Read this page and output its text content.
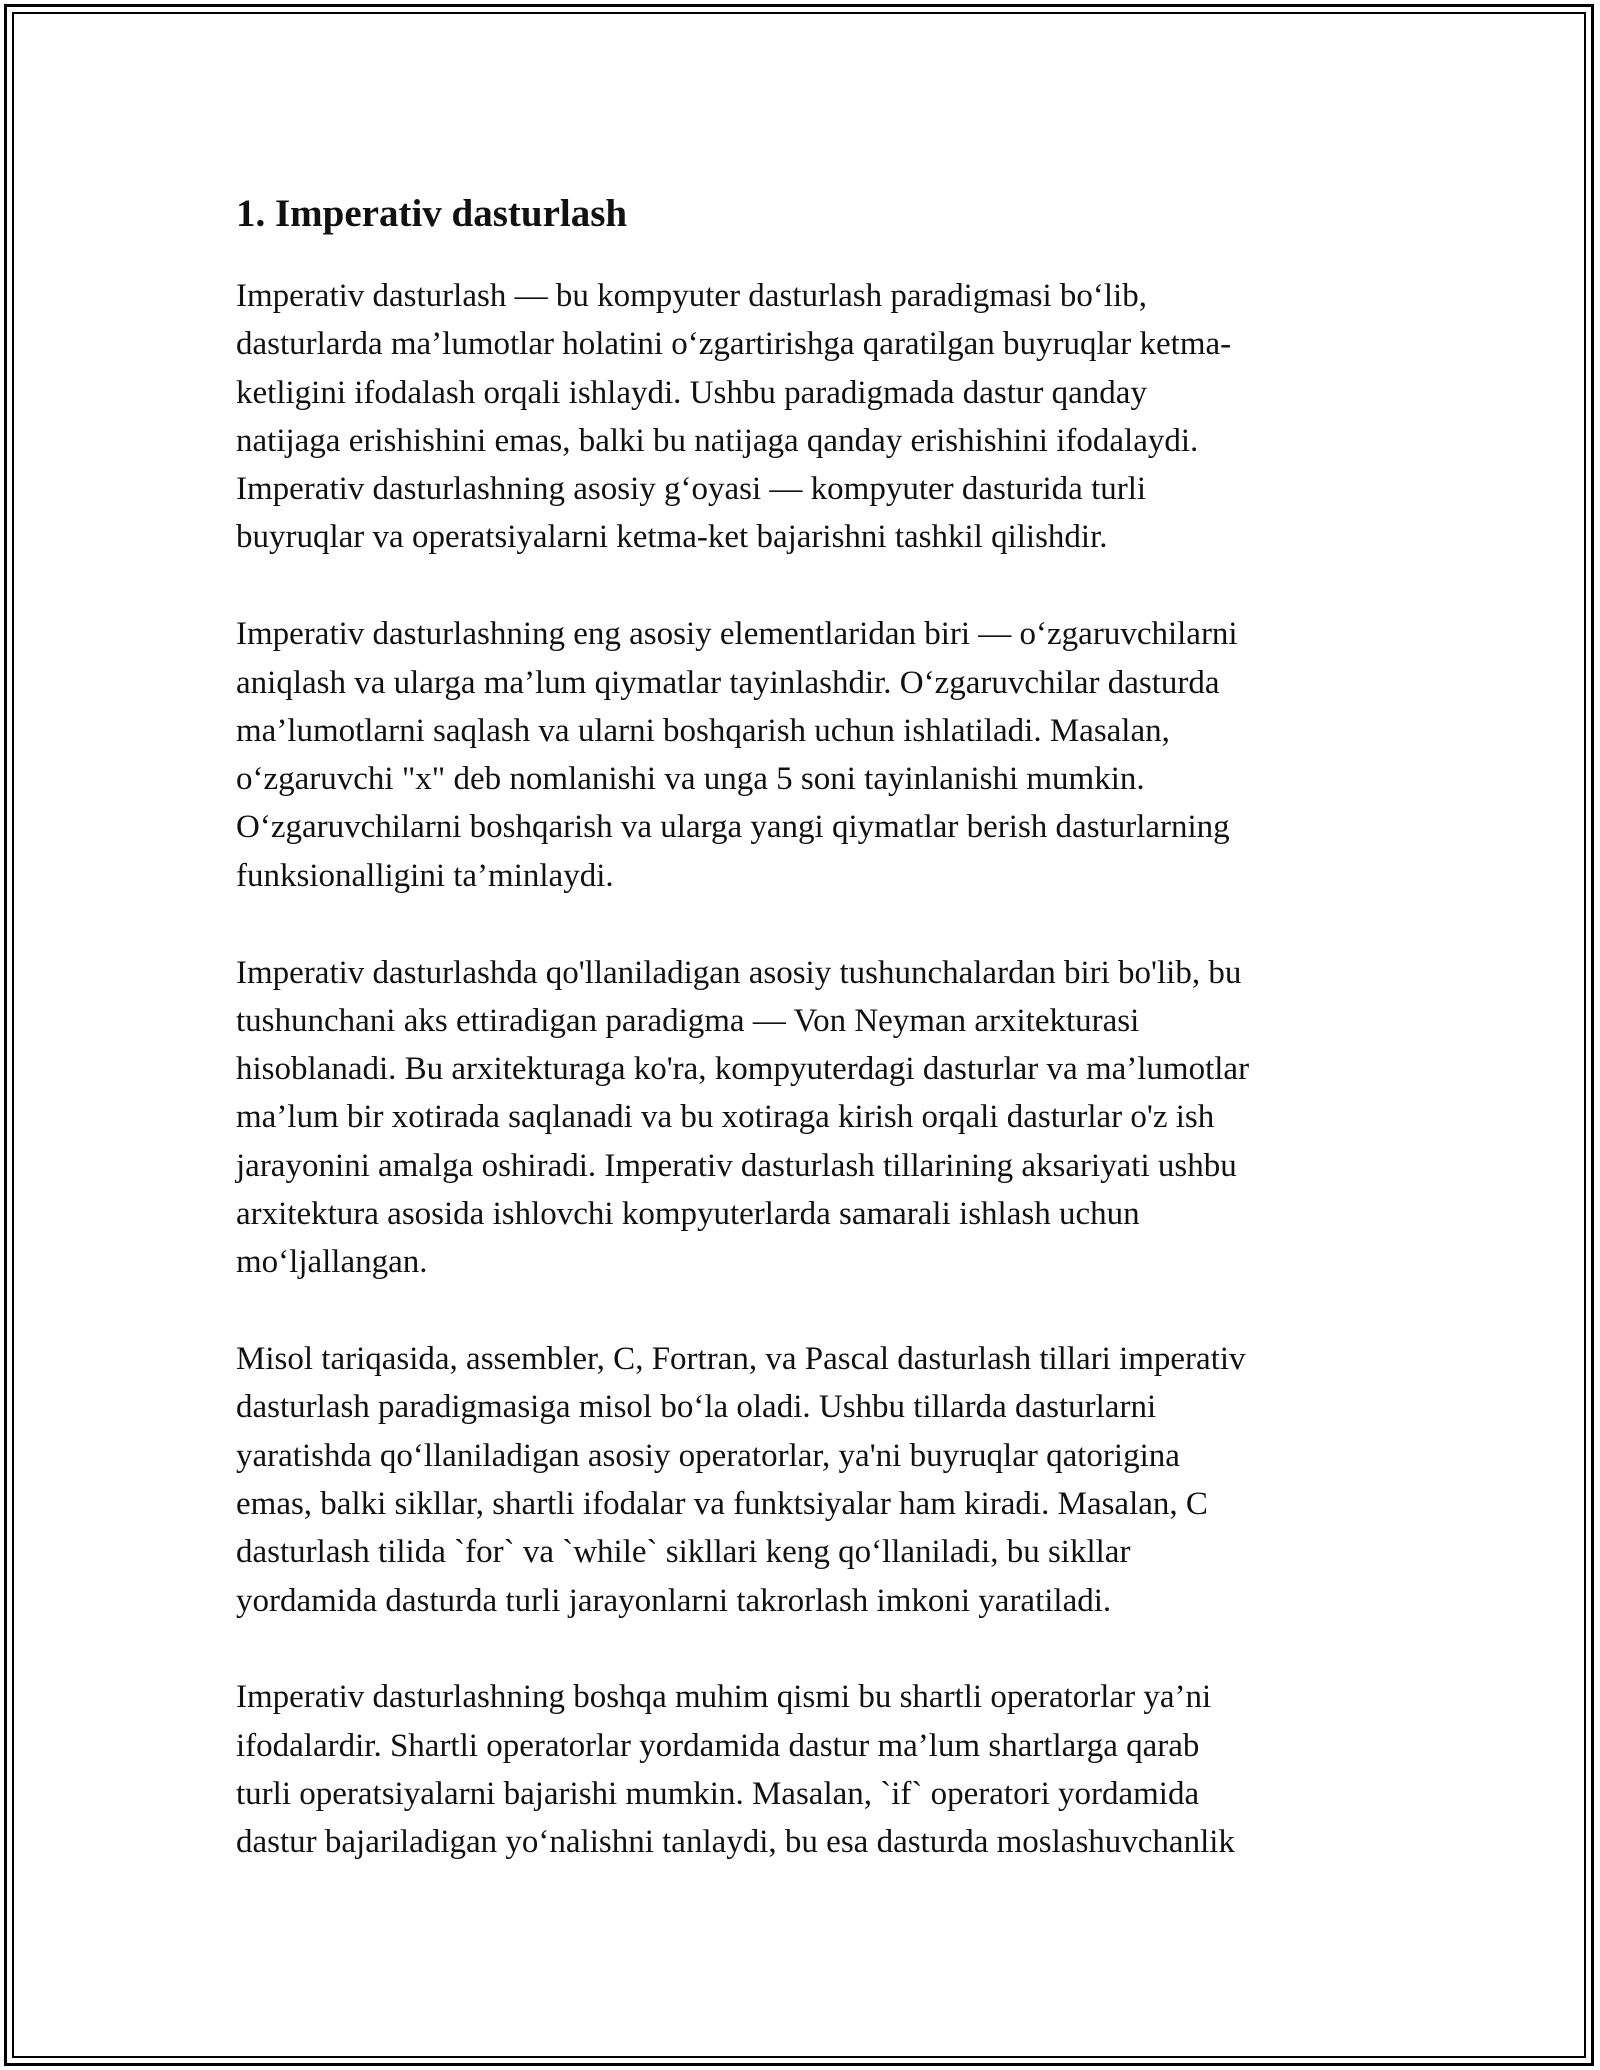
1. Imperativ dasturlash

Imperativ dasturlash — bu kompyuter dasturlash paradigmasi bo‘lib,
dasturlarda ma’lumotlar holatini o‘zgartirishga qaratilgan buyruqlar ketma-
ketligini ifodalash orqali ishlaydi. Ushbu paradigmada dastur qanday
natijaga erishishini emas, balki bu natijaga qanday erishishini ifodalaydi.
Imperativ dasturlashning asosiy g‘oyasi — kompyuter dasturida turli
buyruqlar va operatsiyalarni ketma-ket bajarishni tashkil qilishdir.

Imperativ dasturlashning eng asosiy elementlaridan biri — o‘zgaruvchilarni
aniqlash va ularga ma’lum qiymatlar tayinlashdir. O‘zgaruvchilar dasturda
ma’lumotlarni saqlash va ularni boshqarish uchun ishlatiladi. Masalan,
o‘zgaruvchi "x" deb nomlanishi va unga 5 soni tayinlanishi mumkin.
O‘zgaruvchilarni boshqarish va ularga yangi qiymatlar berish dasturlarning
funksionalligini ta’minlaydi.

Imperativ dasturlashda qo'llaniladigan asosiy tushunchalardan biri bo'lib, bu
tushunchani aks ettiradigan paradigma — Von Neyman arxitekturasi
hisoblanadi. Bu arxitekturaga ko'ra, kompyuterdagi dasturlar va ma’lumotlar
ma’lum bir xotirada saqlanadi va bu xotiraga kirish orqali dasturlar o'z ish
jarayonini amalga oshiradi. Imperativ dasturlash tillarining aksariyati ushbu
arxitektura asosida ishlovchi kompyuterlarda samarali ishlash uchun
mo‘ljallangan.

Misol tariqasida, assembler, C, Fortran, va Pascal dasturlash tillari imperativ
dasturlash paradigmasiga misol bo‘la oladi. Ushbu tillarda dasturlarni
yaratishda qo‘llaniladigan asosiy operatorlar, ya'ni buyruqlar qatorigina
emas, balki sikllar, shartli ifodalar va funktsiyalar ham kiradi. Masalan, C
dasturlash tilida `for` va `while` sikllari keng qo‘llaniladi, bu sikllar
yordamida dasturda turli jarayonlarni takrorlash imkoni yaratiladi.

Imperativ dasturlashning boshqa muhim qismi bu shartli operatorlar ya’ni
ifodalardir. Shartli operatorlar yordamida dastur ma’lum shartlarga qarab
turli operatsiyalarni bajarishi mumkin. Masalan, `if` operatori yordamida
dastur bajariladigan yo‘nalishni tanlaydi, bu esa dasturda moslashuvchanlik
